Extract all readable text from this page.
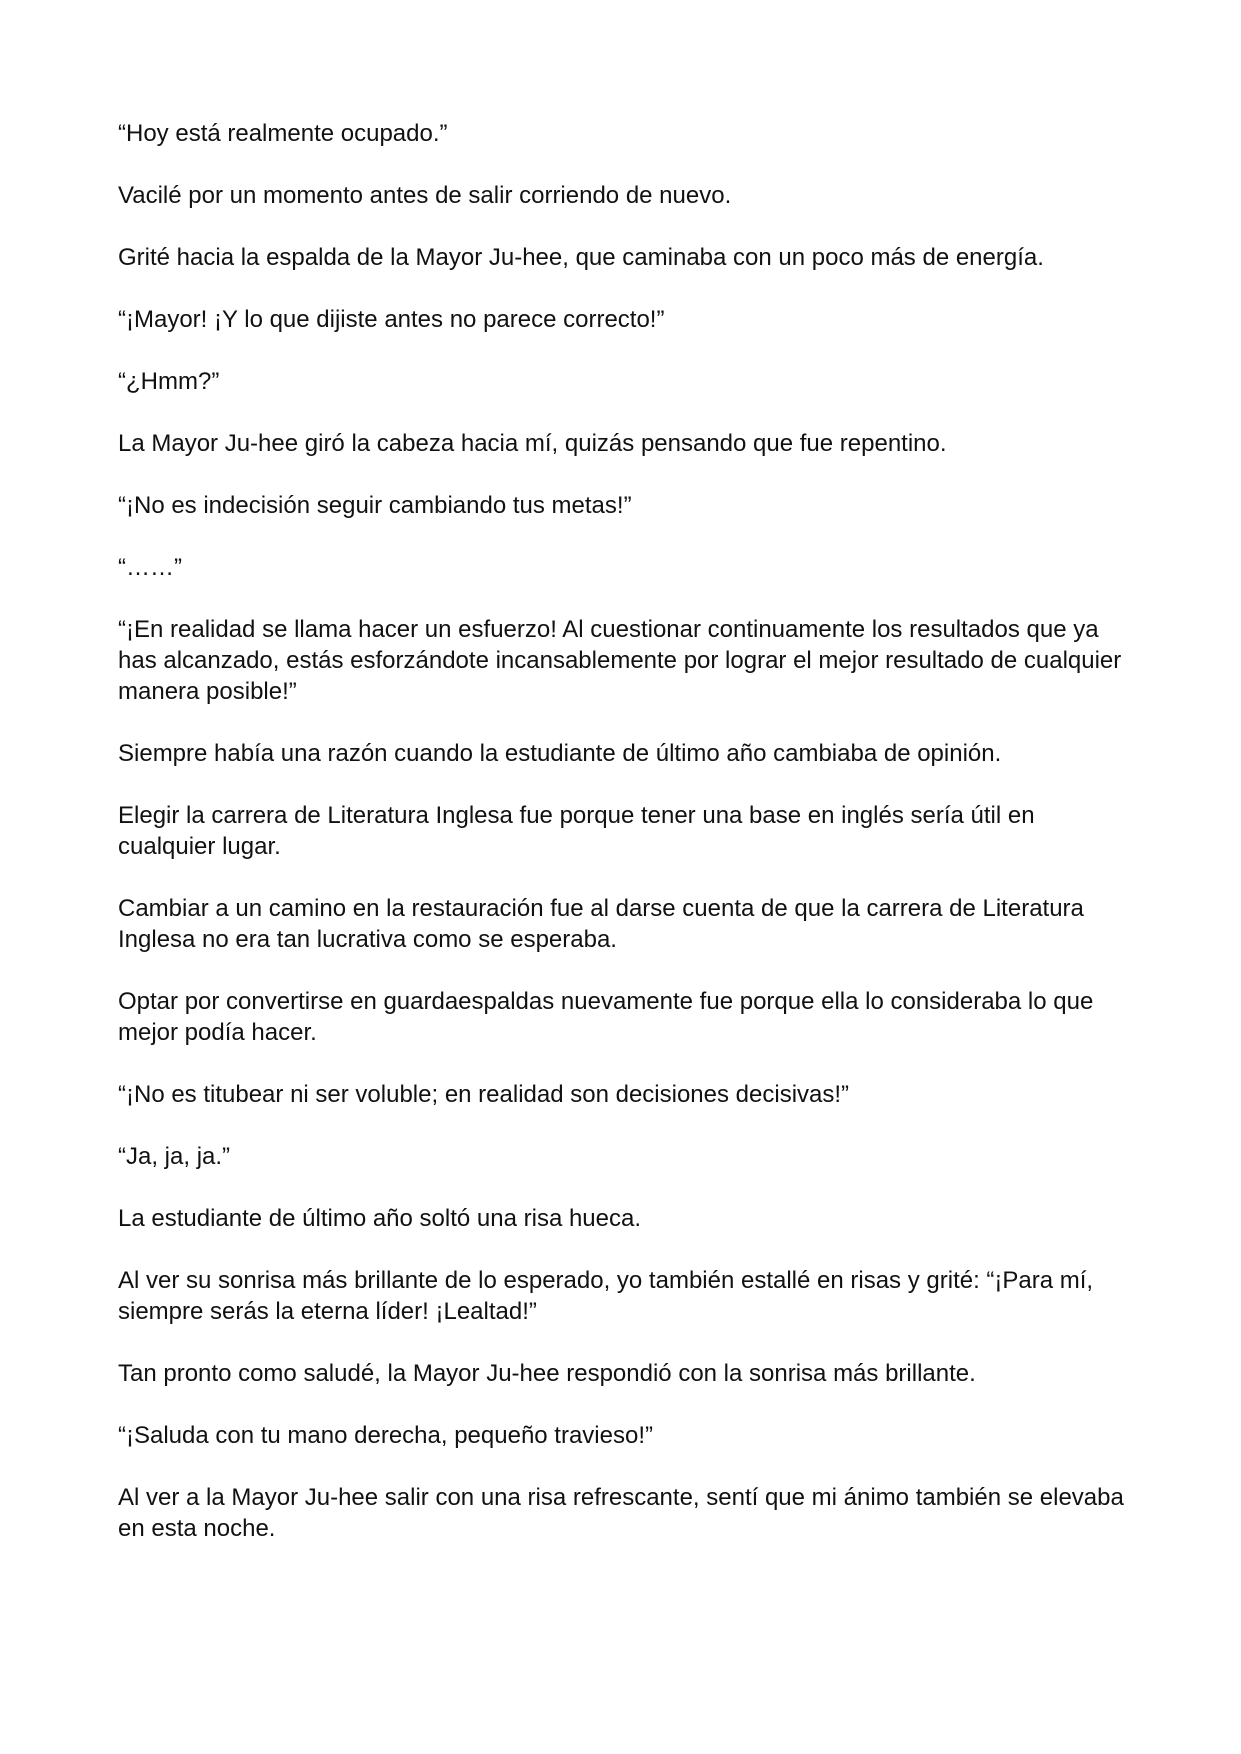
“Hoy está realmente ocupado.”

Vacilé por un momento antes de salir corriendo de nuevo.

Grité hacia la espalda de la Mayor Ju-hee, que caminaba con un poco más de energía.

“¡Mayor! ¡Y lo que dijiste antes no parece correcto!”

“¿Hmm?”

La Mayor Ju-hee giró la cabeza hacia mí, quizás pensando que fue repentino.

“¡No es indecisión seguir cambiando tus metas!”

“……”

“¡En realidad se llama hacer un esfuerzo! Al cuestionar continuamente los resultados que ya has alcanzado, estás esforzándote incansablemente por lograr el mejor resultado de cualquier manera posible!”

Siempre había una razón cuando la estudiante de último año cambiaba de opinión.

Elegir la carrera de Literatura Inglesa fue porque tener una base en inglés sería útil en cualquier lugar.

Cambiar a un camino en la restauración fue al darse cuenta de que la carrera de Literatura Inglesa no era tan lucrativa como se esperaba.

Optar por convertirse en guardaespaldas nuevamente fue porque ella lo consideraba lo que mejor podía hacer.

“¡No es titubear ni ser voluble; en realidad son decisiones decisivas!”

“Ja, ja, ja.”

La estudiante de último año soltó una risa hueca.

Al ver su sonrisa más brillante de lo esperado, yo también estallé en risas y grité: “¡Para mí, siempre serás la eterna líder! ¡Lealtad!”

Tan pronto como saludé, la Mayor Ju-hee respondió con la sonrisa más brillante.

“¡Saluda con tu mano derecha, pequeño travieso!”

Al ver a la Mayor Ju-hee salir con una risa refrescante, sentí que mi ánimo también se elevaba en esta noche.
